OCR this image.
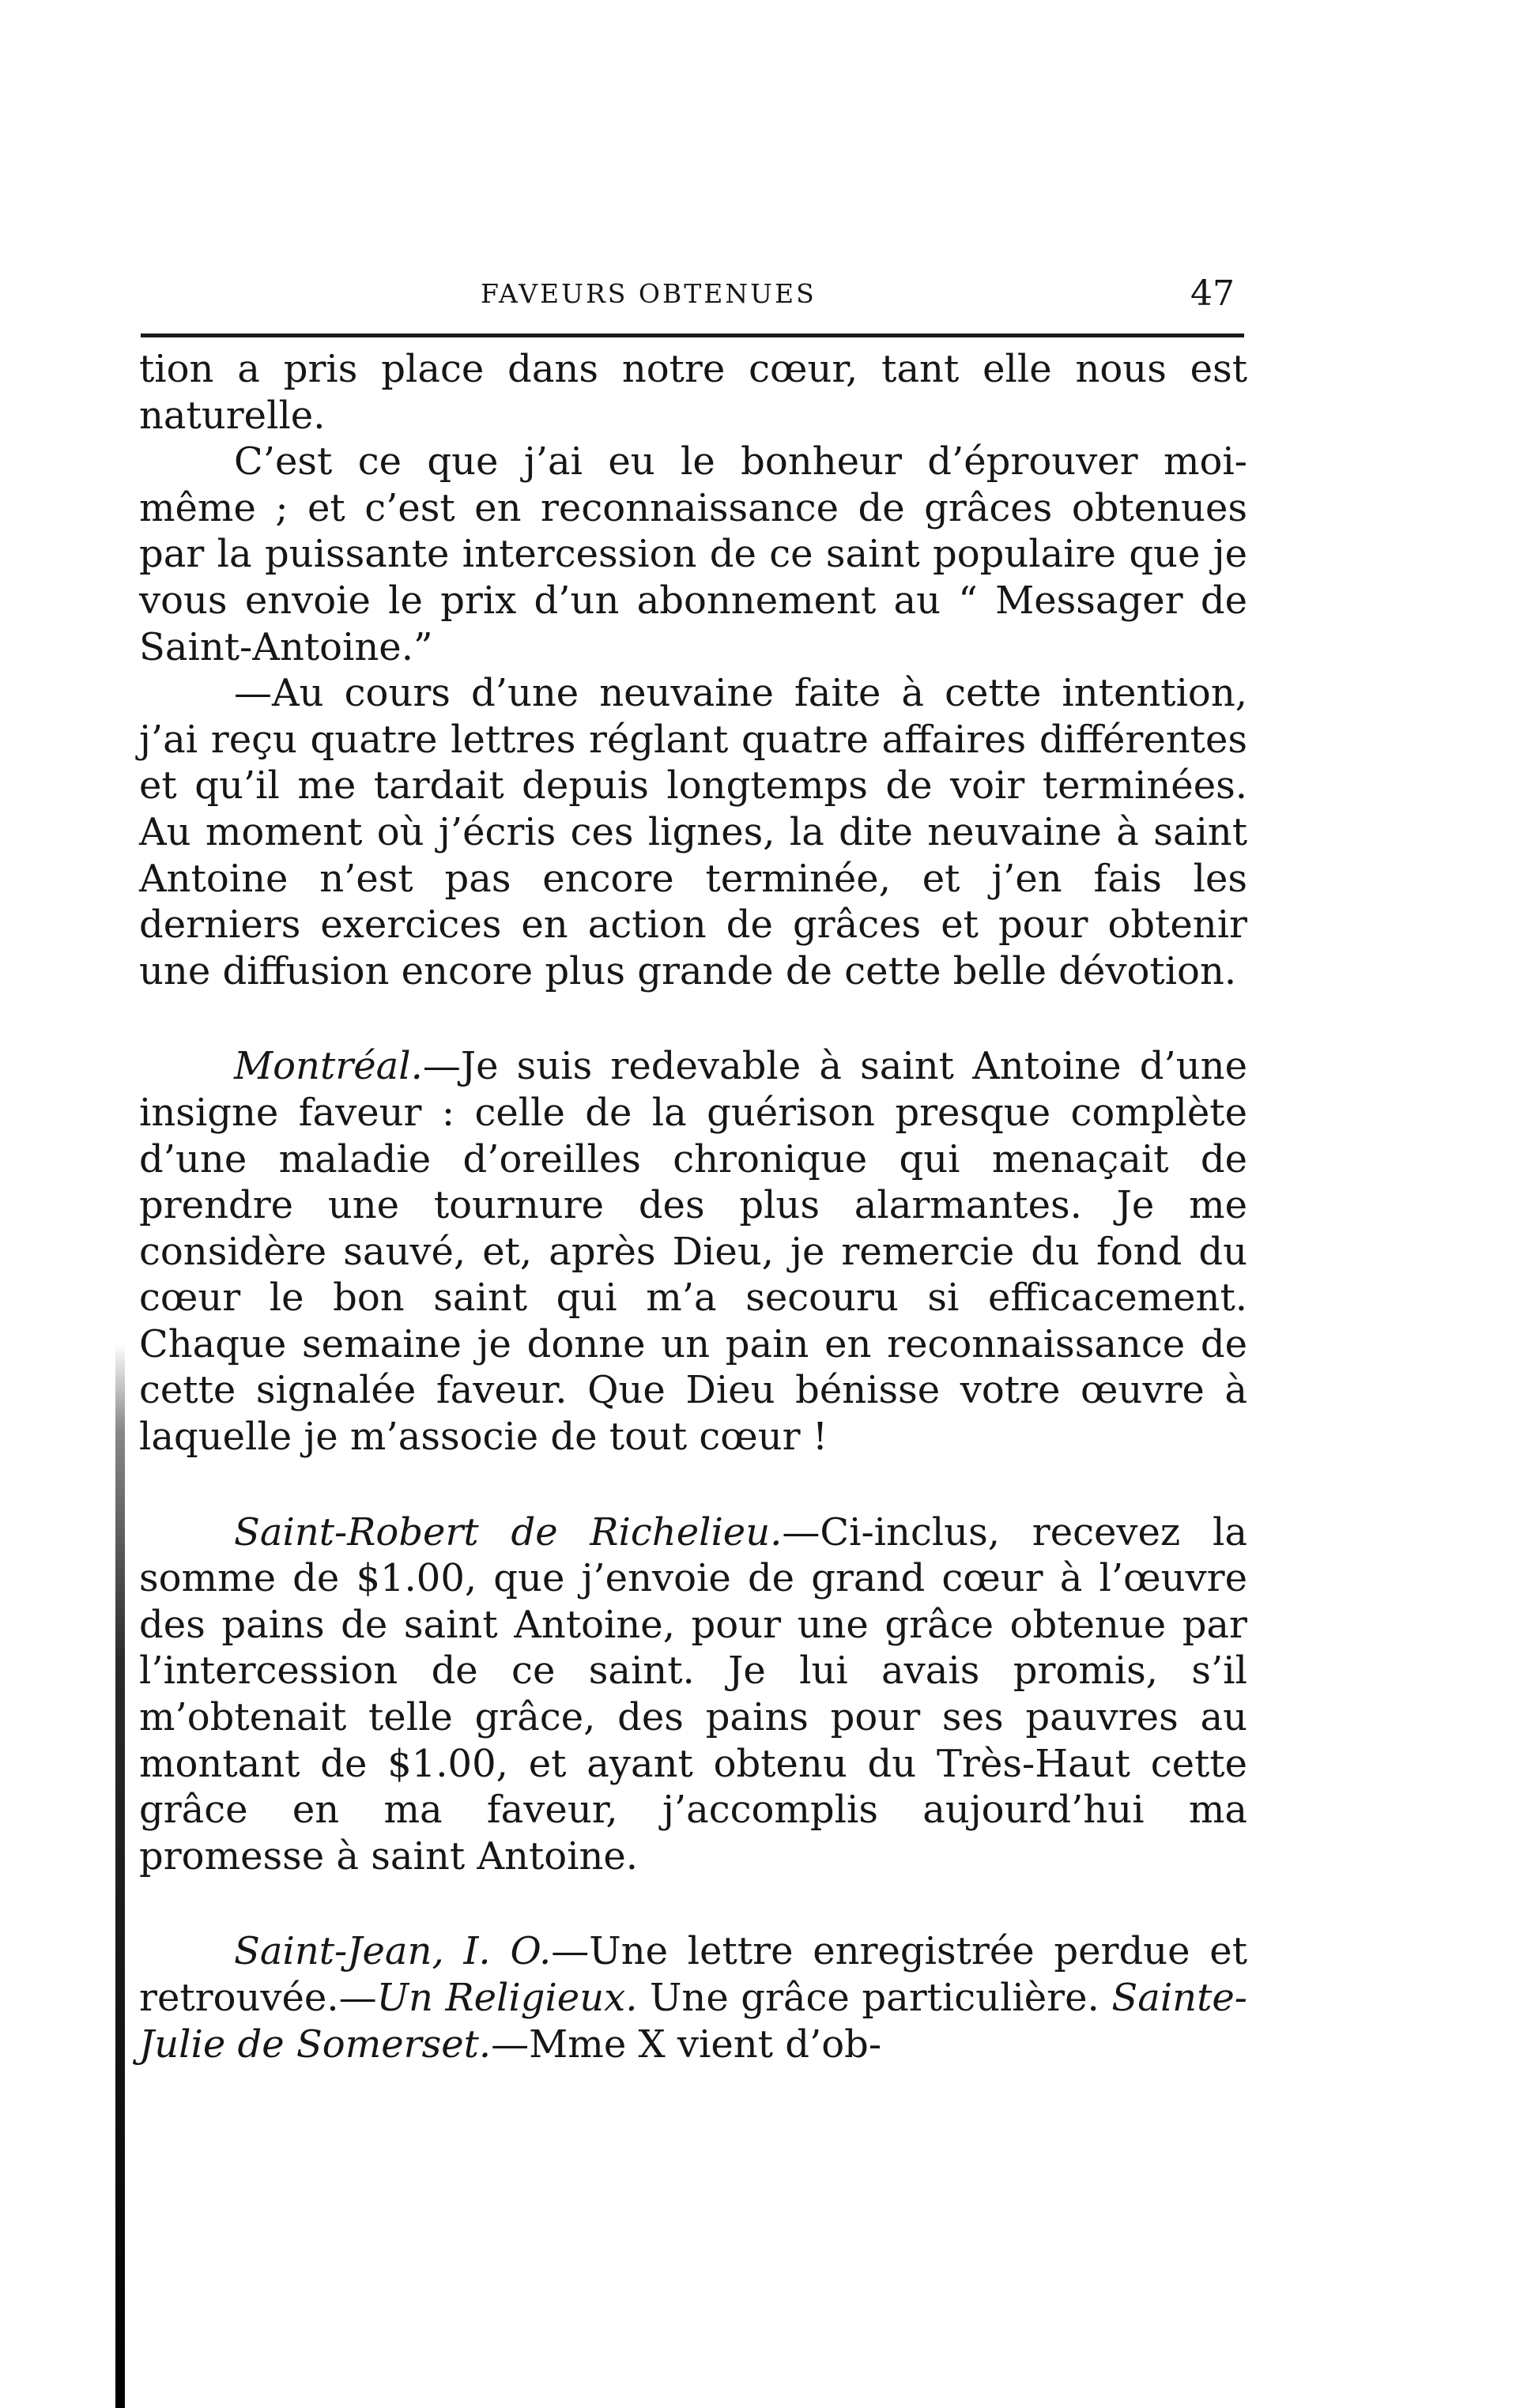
FAVEURS OBTENUES	47

tion a pris place dans notre cœur, tant elle nous est naturelle.

C’est ce que j’ai eu le bonheur d’éprouver moi-même ; et c’est en reconnaissance de grâces obtenues par la puissante intercession de ce saint populaire que je vous envoie le prix d’un abonnement au “ Messager de Saint-Antoine.”

—Au cours d’une neuvaine faite à cette intention, j’ai reçu quatre lettres réglant quatre affaires différentes et qu’il me tardait depuis longtemps de voir terminées. Au moment où j’écris ces lignes, la dite neuvaine à saint Antoine n’est pas encore terminée, et j’en fais les derniers exercices en action de grâces et pour obtenir une diffusion encore plus grande de cette belle dévotion.

Montréal.—Je suis redevable à saint Antoine d’une insigne faveur : celle de la guérison presque complète d’une maladie d’oreilles chronique qui menaçait de prendre une tournure des plus alarmantes. Je me considère sauvé, et, après Dieu, je remercie du fond du cœur le bon saint qui m’a secouru si efficacement. Chaque semaine je donne un pain en reconnaissance de cette signalée faveur. Que Dieu bénisse votre œuvre à laquelle je m’associe de tout cœur !

Saint-Robert de Richelieu.—Ci-inclus, recevez la somme de $1.00, que j’envoie de grand cœur à l’œuvre des pains de saint Antoine, pour une grâce obtenue par l’intercession de ce saint. Je lui avais promis, s’il m’obtenait telle grâce, des pains pour ses pauvres au montant de $1.00, et ayant obtenu du Très-Haut cette grâce en ma faveur, j’accomplis aujourd’hui ma promesse à saint Antoine.

Saint-Jean, I. O.—Une lettre enregistrée perdue et retrouvée.—Un Religieux. Une grâce particulière. Sainte-Julie de Somerset.—Mme X vient d’ob-
